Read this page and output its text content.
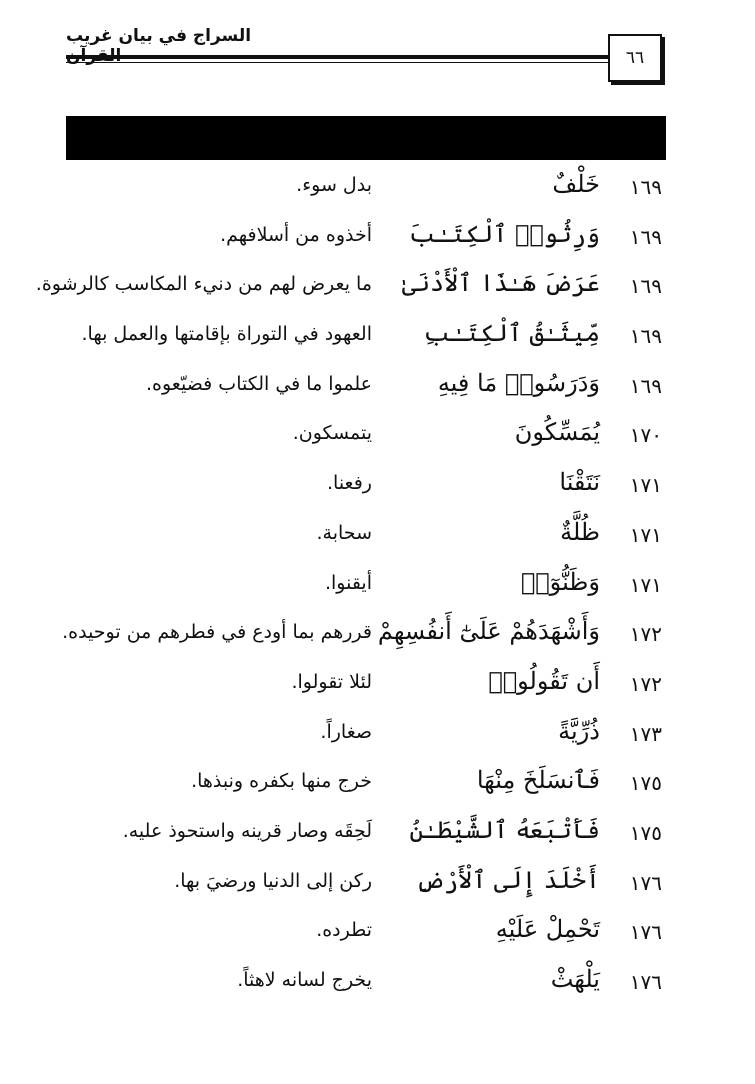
السراج في بيان غريب
٦٦
١٦٩
خَلْفٌ
بدل سوء.
١٦٩
وَرِثُوا۟ ٱلْكِتَـٰبَ
أخذوه من أسلافهم.
١٦٩
عَرَضَ هَـٰذَا ٱلْأَدْنَىٰ
ما يعرض لهم من دنيء المكاسب كالرشوة.
١٦٩
مِّيثَـٰقُ ٱلْكِتَـٰبِ
العهود في التوراة بإقامتها والعمل بها.
١٦٩
وَدَرَسُوا۟ مَا فِيهِ
علموا ما في الكتاب فضيّعوه.
١٧٠
يُمَسِّكُونَ
يتمسكون.
١٧١
نَتَقْنَا
رفعنا.
١٧١
ظُلَّةٌ
سحابة.
١٧١
وَظَنُّوٓا۟
أيقنوا.
١٧٢
وَأَشْهَدَهُمْ عَلَىٰٓ أَنفُسِهِمْ
قررهم بما أودع في فطرهم من توحيده.
١٧٢
أَن تَقُولُوا۟
لئلا تقولوا.
١٧٣
ذُرِّيَّةً
صغاراً.
١٧٥
فَٱنسَلَخَ مِنْهَا
خرج منها بكفره ونبذها.
١٧٥
فَأَتْبَعَهُ ٱلشَّيْطَـٰنُ
لَحِقَه وصار قرينه واستحوذ عليه.
١٧٦
أَخْلَدَ إِلَى ٱلْأَرْضِ
ركن إلى الدنيا ورضيَ بها.
١٧٦
تَحْمِلْ عَلَيْهِ
تطرده.
١٧٦
يَلْهَثْ
يخرج لسانه لاهثاً.
